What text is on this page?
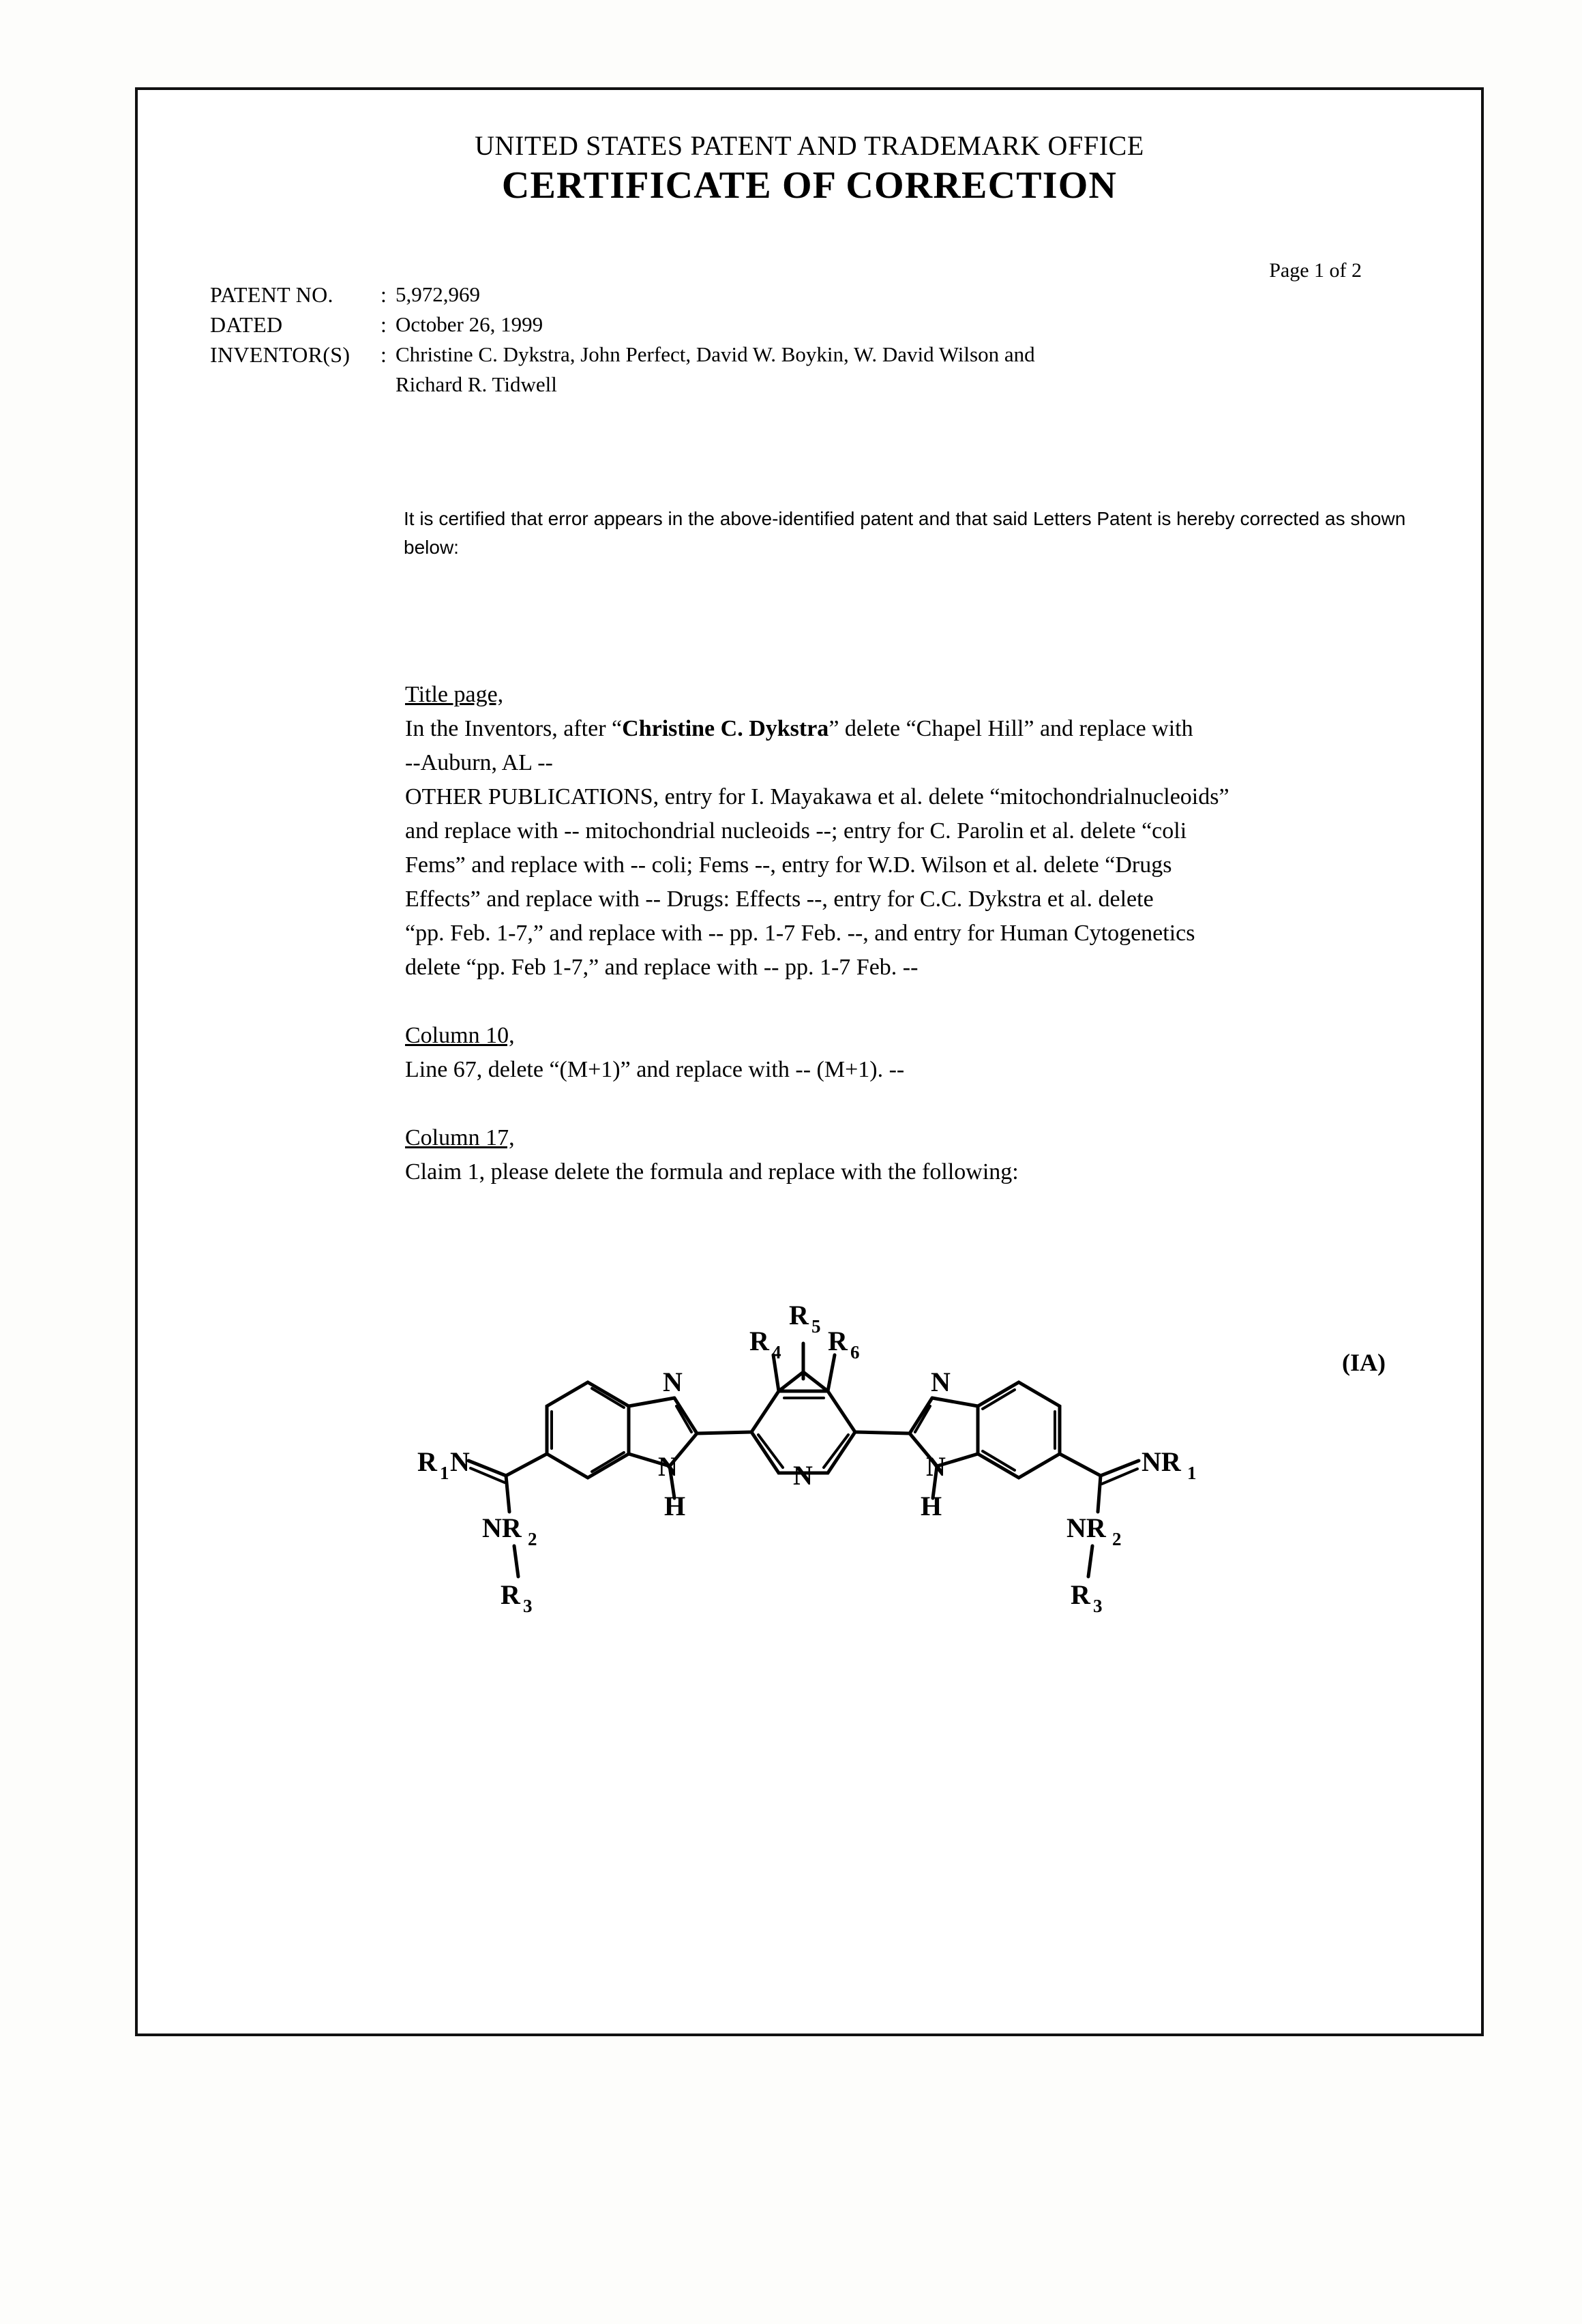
UNITED STATES PATENT AND TRADEMARK OFFICE
CERTIFICATE OF CORRECTION
Page 1 of 2
PATENT NO.	: 5,972,969
DATED	: October 26, 1999
INVENTOR(S)	: Christine C. Dykstra, John Perfect, David W. Boykin, W. David Wilson and
Richard R. Tidwell
It is certified that error appears in the above-identified patent and that said Letters Patent is hereby corrected as shown below:

Title page,

In the Inventors, after “Christine C. Dykstra” delete “Chapel Hill” and replace with

--Auburn, AL --

OTHER PUBLICATIONS, entry for I. Mayakawa et al. delete “mitochondrialnucleoids”

and replace with -- mitochondrial nucleoids --; entry for C. Parolin et al. delete “coli

Fems” and replace with -- coli; Fems --, entry for W.D. Wilson et al. delete “Drugs

Effects” and replace with -- Drugs: Effects --, entry for C.C. Dykstra et al. delete

“pp. Feb. 1-7,” and replace with -- pp. 1-7 Feb. --, and entry for Human Cytogenetics

delete “pp. Feb 1-7,” and replace with -- pp. 1-7 Feb. --

Column 10,

Line 67, delete “(M+1)” and replace with -- (M+1). --

Column 17,

Claim 1, please delete the formula and replace with the following:

(IA)
R 1 N
NR 2
R 3
N
N
H
R 4
R 5 R 6
N
N
N
H
NR 1
NR 2
R 3
